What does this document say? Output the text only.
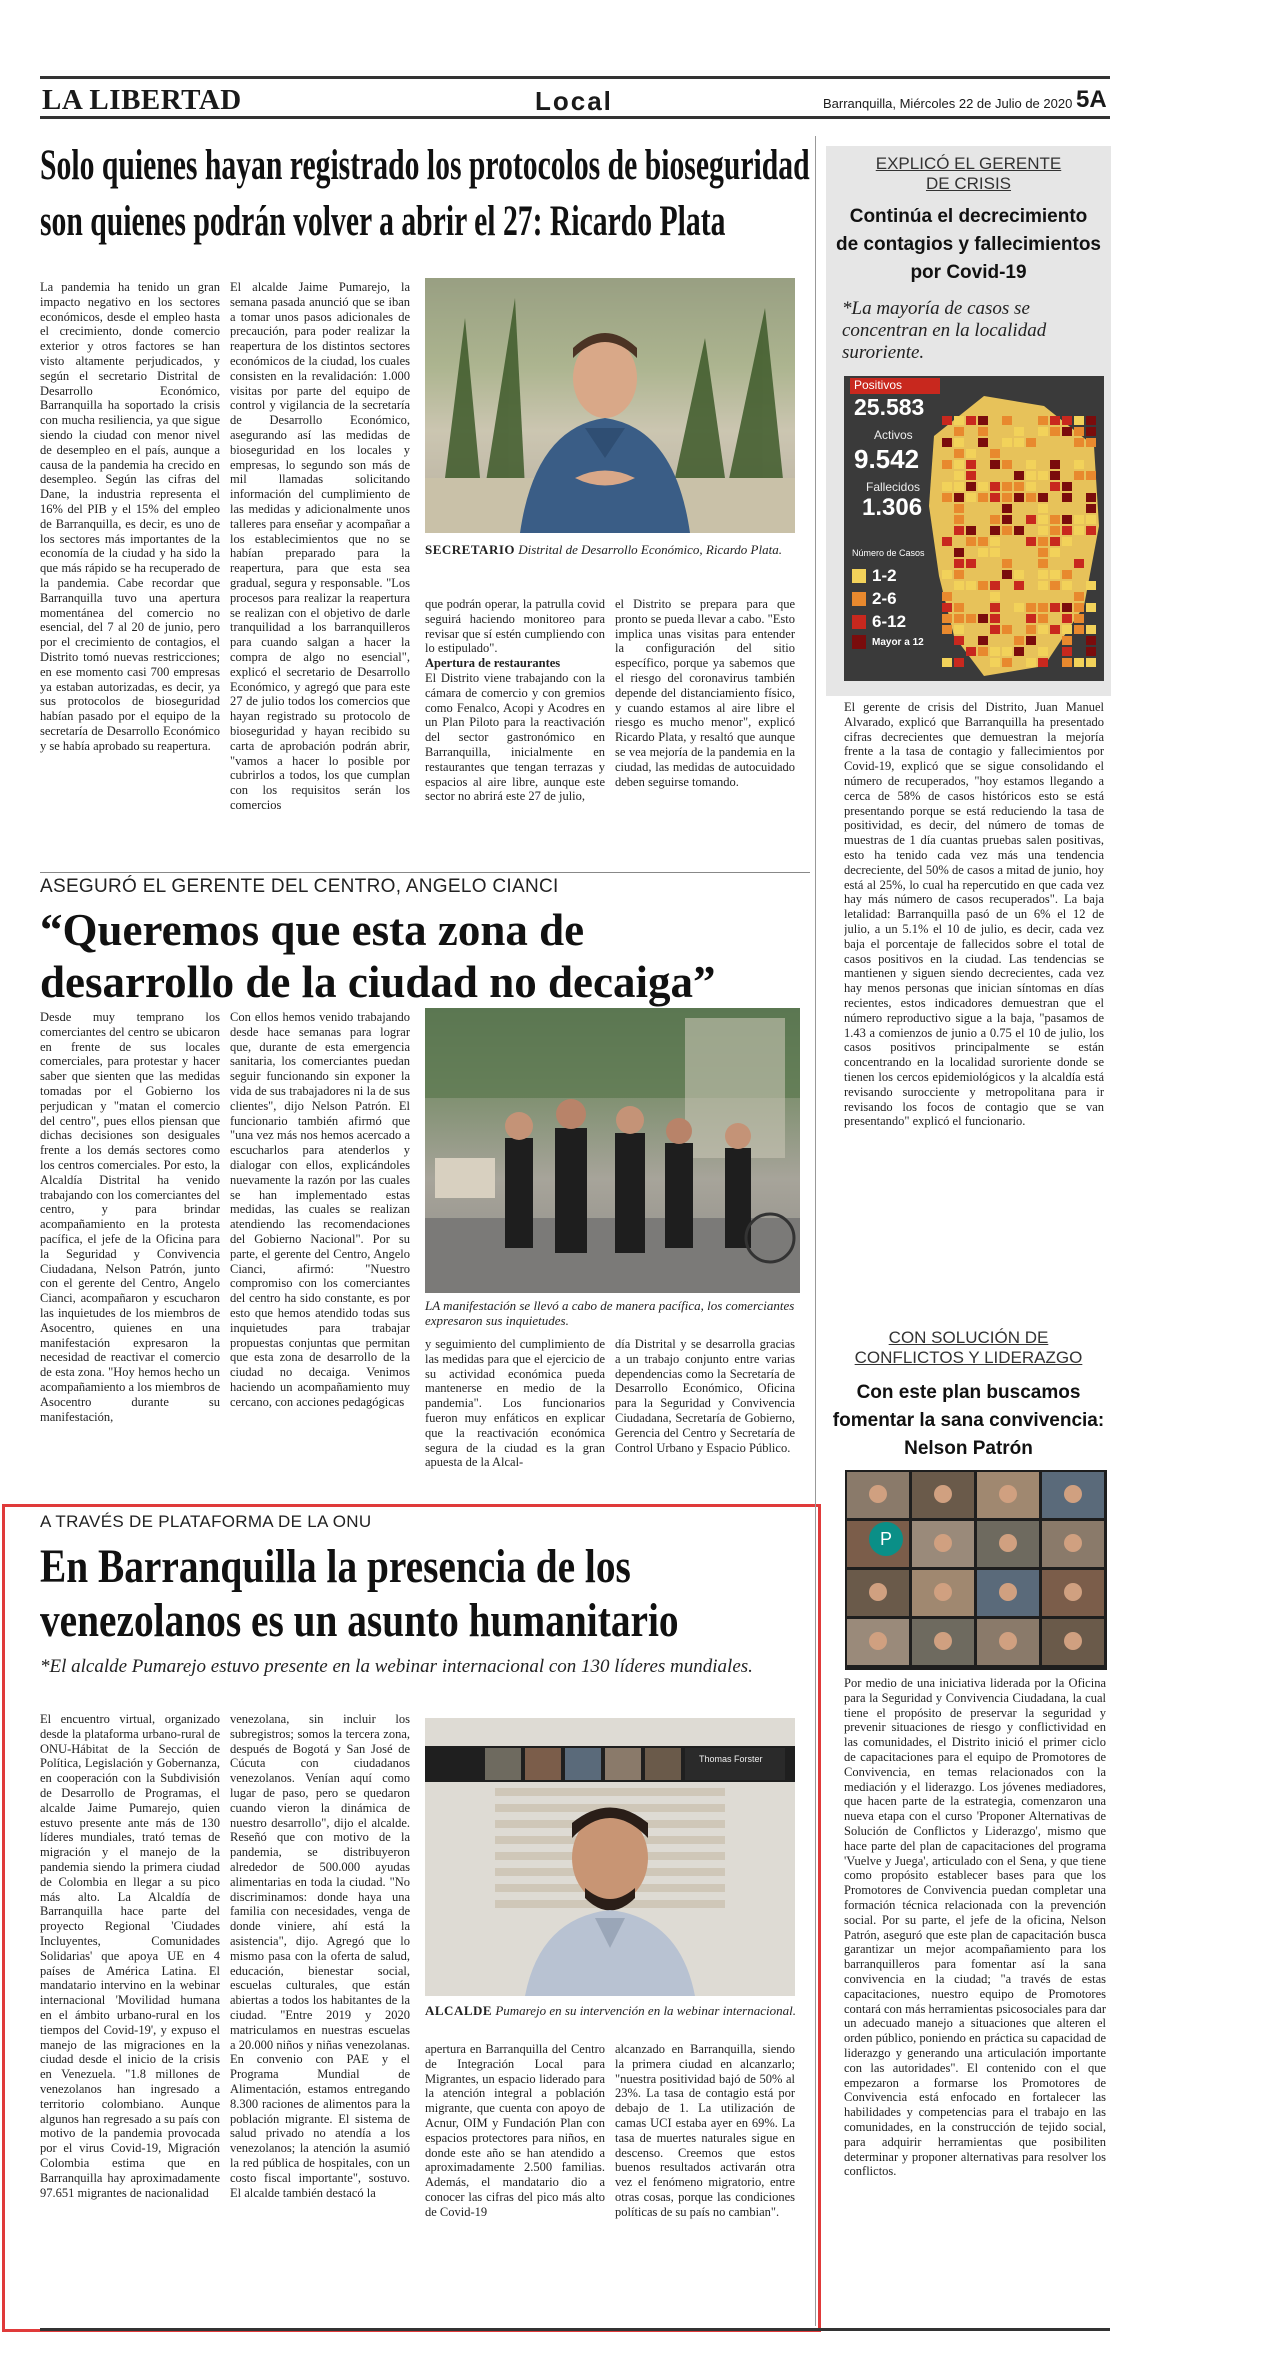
LA LIBERTAD	Local	Barranquilla, Miércoles 22 de Julio de 2020 5A
Solo quienes hayan registrado los protocolos de bioseguridad
son quienes podrán volver a abrir el 27: Ricardo Plata
La pandemia ha tenido un gran impacto negativo en los sectores económicos, desde el empleo hasta el crecimiento, donde comercio exterior y otros factores se han visto altamente perjudicados, y según el secretario Distrital de Desarrollo Económico, Barranquilla ha soportado la crisis con mucha resiliencia, ya que sigue siendo la ciudad con menor nivel de desempleo en el país, aunque a causa de la pandemia ha crecido en desempleo. Según las cifras del Dane, la industria representa el 16% del PIB y el 15% del empleo de Barranquilla, es decir, es uno de los sectores más importantes de la economía de la ciudad y ha sido la que más rápido se ha recuperado de la pandemia. Cabe recordar que Barranquilla tuvo una apertura momentánea del comercio no esencial, del 7 al 20 de junio, pero por el crecimiento de contagios, el Distrito tomó nuevas restricciones; en ese momento casi 700 empresas ya estaban autorizadas, es decir, ya sus protocolos de bioseguridad habían pasado por el equipo de la secretaría de Desarrollo Económico y se había aprobado su reapertura.
El alcalde Jaime Pumarejo, la semana pasada anunció que se iban a tomar unos pasos adicionales de precaución, para poder realizar la reapertura de los distintos sectores económicos de la ciudad, los cuales consisten en la revalidación: 1.000 visitas por parte del equipo de control y vigilancia de la secretaría de Desarrollo Económico, asegurando así las medidas de bioseguridad en los locales y empresas, lo segundo son más de mil llamadas solicitando información del cumplimiento de las medidas y adicionalmente unos talleres para enseñar y acompañar a los establecimientos que no se habían preparado para la reapertura, para que esta sea gradual, segura y responsable. "Los procesos para realizar la reapertura se realizan con el objetivo de darle tranquilidad a los barranquilleros para cuando salgan a hacer la compra de algo no esencial", explicó el secretario de Desarrollo Económico, y agregó que para este 27 de julio todos los comercios que hayan registrado su protocolo de bioseguridad y hayan recibido su carta de aprobación podrán abrir, "vamos a hacer lo posible por cubrirlos a todos, los que cumplan con los requisitos serán los comercios
SECRETARIO Distrital de Desarrollo Económico, Ricardo Plata.

que podrán operar, la patrulla covid seguirá haciendo monitoreo para revisar que sí estén cumpliendo con lo estipulado".

Apertura de restaurantes

El Distrito viene trabajando con la cámara de comercio y con gremios como Fenalco, Acopi y Acodres en un Plan Piloto para la reactivación del sector gastronómico en Barranquilla, inicialmente en restaurantes que tengan terrazas y espacios al aire libre, aunque este sector no abrirá este 27 de julio,

el Distrito se prepara para que pronto se pueda llevar a cabo. "Esto implica unas visitas para entender la configuración del sitio específico, porque ya sabemos que el riesgo del coronavirus también depende del distanciamiento físico, y cuando estamos al aire libre el riesgo es mucho menor", explicó Ricardo Plata, y resaltó que aunque se vea mejoría de la pandemia en la ciudad, las medidas de autocuidado deben seguirse tomando.
ASEGURÓ EL GERENTE DEL CENTRO, ANGELO CIANCI
“Queremos que esta zona de
desarrollo de la ciudad no decaiga”
Desde muy temprano los comerciantes del centro se ubicaron en frente de sus locales comerciales, para protestar y hacer saber que sienten que las medidas tomadas por el Gobierno los perjudican y "matan el comercio del centro", pues ellos piensan que dichas decisiones son desiguales frente a los demás sectores como los centros comerciales. Por esto, la Alcaldía Distrital ha venido trabajando con los comerciantes del centro, y para brindar acompañamiento en la protesta pacífica, el jefe de la Oficina para la Seguridad y Convivencia Ciudadana, Nelson Patrón, junto con el gerente del Centro, Angelo Cianci, acompañaron y escucharon las inquietudes de los miembros de Asocentro, quienes en una manifestación expresaron la necesidad de reactivar el comercio de esta zona. "Hoy hemos hecho un acompañamiento a los miembros de Asocentro durante su manifestación,
Con ellos hemos venido trabajando desde hace semanas para lograr que, durante de esta emergencia sanitaria, los comerciantes puedan seguir funcionando sin exponer la vida de sus trabajadores ni la de sus clientes", dijo Nelson Patrón. El funcionario también afirmó que "una vez más nos hemos acercado a escucharlos para atenderlos y dialogar con ellos, explicándoles nuevamente la razón por las cuales se han implementado estas medidas, las cuales se realizan atendiendo las recomendaciones del Gobierno Nacional". Por su parte, el gerente del Centro, Angelo Cianci, afirmó: "Nuestro compromiso con los comerciantes del centro ha sido constante, es por esto que hemos atendido todas sus inquietudes para trabajar propuestas conjuntas que permitan que esta zona de desarrollo de la ciudad no decaiga. Venimos haciendo un acompañamiento muy cercano, con acciones pedagógicas
LA manifestación se llevó a cabo de manera pacífica, los comerciantes expresaron sus inquietudes.
y seguimiento del cumplimiento de las medidas para que el ejercicio de su actividad económica pueda mantenerse en medio de la pandemia". Los funcionarios fueron muy enfáticos en explicar que la reactivación económica segura de la ciudad es la gran apuesta de la Alcal-
día Distrital y se desarrolla gracias a un trabajo conjunto entre varias dependencias como la Secretaría de Desarrollo Económico, Oficina para la Seguridad y Convivencia Ciudadana, Secretaría de Gobierno, Gerencia del Centro y Secretaría de Control Urbano y Espacio Público.
A TRAVÉS DE PLATAFORMA DE LA ONU
En Barranquilla la presencia de los
venezolanos es un asunto humanitario
*El alcalde Pumarejo estuvo presente en la webinar internacional con 130 líderes mundiales.
El encuentro virtual, organizado desde la plataforma urbano-rural de ONU-Hábitat de la Sección de Política, Legislación y Gobernanza, en cooperación con la Subdivisión de Desarrollo de Programas, el alcalde Jaime Pumarejo, quien estuvo presente ante más de 130 líderes mundiales, trató temas de migración y el manejo de la pandemia siendo la primera ciudad de Colombia en llegar a su pico más alto. La Alcaldía de Barranquilla hace parte del proyecto Regional 'Ciudades Incluyentes, Comunidades Solidarias' que apoya UE en 4 países de América Latina. El mandatario intervino en la webinar internacional 'Movilidad humana en el ámbito urbano-rural en los tiempos del Covid-19', y expuso el manejo de las migraciones en la ciudad desde el inicio de la crisis en Venezuela. "1.8 millones de venezolanos han ingresado a territorio colombiano. Aunque algunos han regresado a su país con motivo de la pandemia provocada por el virus Covid-19, Migración Colombia estima que en Barranquilla hay aproximadamente 97.651 migrantes de nacionalidad
venezolana, sin incluir los subregistros; somos la tercera zona, después de Bogotá y San José de Cúcuta con ciudadanos venezolanos. Venían aquí como lugar de paso, pero se quedaron cuando vieron la dinámica de nuestro desarrollo", dijo el alcalde. Reseñó que con motivo de la pandemia, se distribuyeron alrededor de 500.000 ayudas alimentarias en toda la ciudad. "No discriminamos: donde haya una familia con necesidades, venga de donde viniere, ahí está la asistencia", dijo. Agregó que lo mismo pasa con la oferta de salud, educación, bienestar social, escuelas culturales, que están abiertas a todos los habitantes de la ciudad. "Entre 2019 y 2020 matriculamos en nuestras escuelas a 20.000 niños y niñas venezolanas. En convenio con PAE y el Programa Mundial de Alimentación, estamos entregando 8.300 raciones de alimentos para la población migrante. El sistema de salud privado no atendía a los venezolanos; la atención la asumió la red pública de hospitales, con un costo fiscal importante", sostuvo. El alcalde también destacó la
Thomas Forster
ALCALDE Pumarejo en su intervención en la webinar internacional.
apertura en Barranquilla del Centro de Integración Local para Migrantes, un espacio liderado para la atención integral a población migrante, que cuenta con apoyo de Acnur, OIM y Fundación Plan con espacios protectores para niños, en donde este año se han atendido a aproximadamente 2.500 familias. Además, el mandatario dio a conocer las cifras del pico más alto de Covid-19
alcanzado en Barranquilla, siendo la primera ciudad en alcanzarlo; "nuestra positividad bajó de 50% al 23%. La tasa de contagio está por debajo de 1. La utilización de camas UCI estaba ayer en 69%. La tasa de muertes naturales sigue en descenso. Creemos que estos buenos resultados activarán otra vez el fenómeno migratorio, entre otras cosas, porque las condiciones políticas de su país no cambian".
EXPLICÓ EL GERENTE
DE CRISIS
Continúa el decrecimiento
de contagios y fallecimientos
por Covid-19
*La mayoría de casos se concentran en la localidad suroriente.
Positivos
25.583
Activos
9.542
Fallecidos
1.306
Número de Casos
1-2
2-6
6-12
Mayor a 12
El gerente de crisis del Distrito, Juan Manuel Alvarado, explicó que Barranquilla ha presentado cifras decrecientes que demuestran la mejoría frente a la tasa de contagio y fallecimientos por Covid-19, explicó que se sigue consolidando el número de recuperados, "hoy estamos llegando a cerca de 58% de casos históricos esto se está presentando porque se está reduciendo la tasa de positividad, es decir, del número de tomas de muestras de 1 día cuantas pruebas salen positivas, esto ha tenido cada vez más una tendencia decreciente, del 50% de casos a mitad de junio, hoy está al 25%, lo cual ha repercutido en que cada vez hay más número de casos recuperados". La baja letalidad: Barranquilla pasó de un 6% el 12 de julio, a un 5.1% el 10 de julio, es decir, cada vez baja el porcentaje de fallecidos sobre el total de casos positivos en la ciudad. Las tendencias se mantienen y siguen siendo decrecientes, cada vez hay menos personas que inician síntomas en días recientes, estos indicadores demuestran que el número reproductivo sigue a la baja, "pasamos de 1.43 a comienzos de junio a 0.75 el 10 de julio, los casos positivos principalmente se están concentrando en la localidad suroriente donde se tienen los cercos epidemiológicos y la alcaldía está revisando surocciente y metropolitana para ir revisando los focos de contagio que se van presentando" explicó el funcionario.
CON SOLUCIÓN DE
CONFLICTOS Y LIDERAZGO
Con este plan buscamos
fomentar la sana convivencia:
Nelson Patrón
P
Por medio de una iniciativa liderada por la Oficina para la Seguridad y Convivencia Ciudadana, la cual tiene el propósito de preservar la seguridad y prevenir situaciones de riesgo y conflictividad en las comunidades, el Distrito inició el primer ciclo de capacitaciones para el equipo de Promotores de Convivencia, en temas relacionados con la mediación y el liderazgo. Los jóvenes mediadores, que hacen parte de la estrategia, comenzaron una nueva etapa con el curso 'Proponer Alternativas de Solución de Conflictos y Liderazgo', mismo que hace parte del plan de capacitaciones del programa 'Vuelve y Juega', articulado con el Sena, y que tiene como propósito establecer bases para que los Promotores de Convivencia puedan completar una formación técnica relacionada con la prevención social. Por su parte, el jefe de la oficina, Nelson Patrón, aseguró que este plan de capacitación busca garantizar un mejor acompañamiento para los barranquilleros para fomentar así la sana convivencia en la ciudad; "a través de estas capacitaciones, nuestro equipo de Promotores contará con más herramientas psicosociales para dar un adecuado manejo a situaciones que alteren el orden público, poniendo en práctica su capacidad de liderazgo y generando una articulación importante con las autoridades". El contenido con el que empezaron a formarse los Promotores de Convivencia está enfocado en fortalecer las habilidades y competencias para el trabajo en las comunidades, en la construcción de tejido social, para adquirir herramientas que posibiliten determinar y proponer alternativas para resolver los conflictos.
